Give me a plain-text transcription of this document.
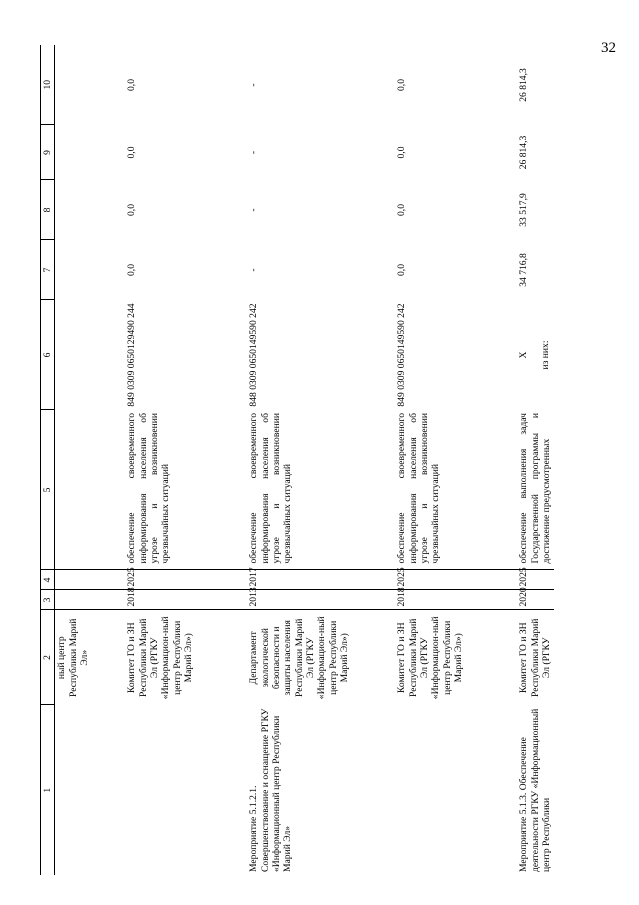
32
1	2	3	4	5	6	7	8	9	10
	ный центр Республики Марий Эл»								
	Комитет ГО и ЗН Республики Марий Эл (РГКУ «Информацион-ный центр Республики Марий Эл»)	2018	2025	обеспечение своевременного информирования населения об угрозе и возникновении чрезвычайных ситуаций	849 0309 0650129490 244	0,0	0,0	0,0	0,0
Мероприятие 5.1.2.1. Совершенствование и оснащение РГКУ «Информационный центр Республики Марий Эл»	Департамент экологической безопасности и защиты населения Республики Марий Эл (РГКУ «Информацион-ный центр Республики Марий Эл»)	2013	2017	обеспечение своевременного информирования населения об угрозе и возникновении чрезвычайных ситуаций	848 0309 0650149590 242	-	-	-	-
	Комитет ГО и ЗН Республики Марий Эл (РГКУ «Информацион-ный центр Республики Марий Эл»)	2018	2025	обеспечение своевременного информирования населения об угрозе и возникновении чрезвычайных ситуаций	849 0309 0650149590 242	0,0	0,0	0,0	0,0
Мероприятие 5.1.3. Обеспечение деятельности РГКУ «Информационный центр Республики	Комитет ГО и ЗН Республики Марий Эл (РГКУ	2020	2025	обеспечение выполнения задач Государственной программы и достижение предусмотренных	X из них:	34 716,8	33 517,9	26 814,3	26 814,3
